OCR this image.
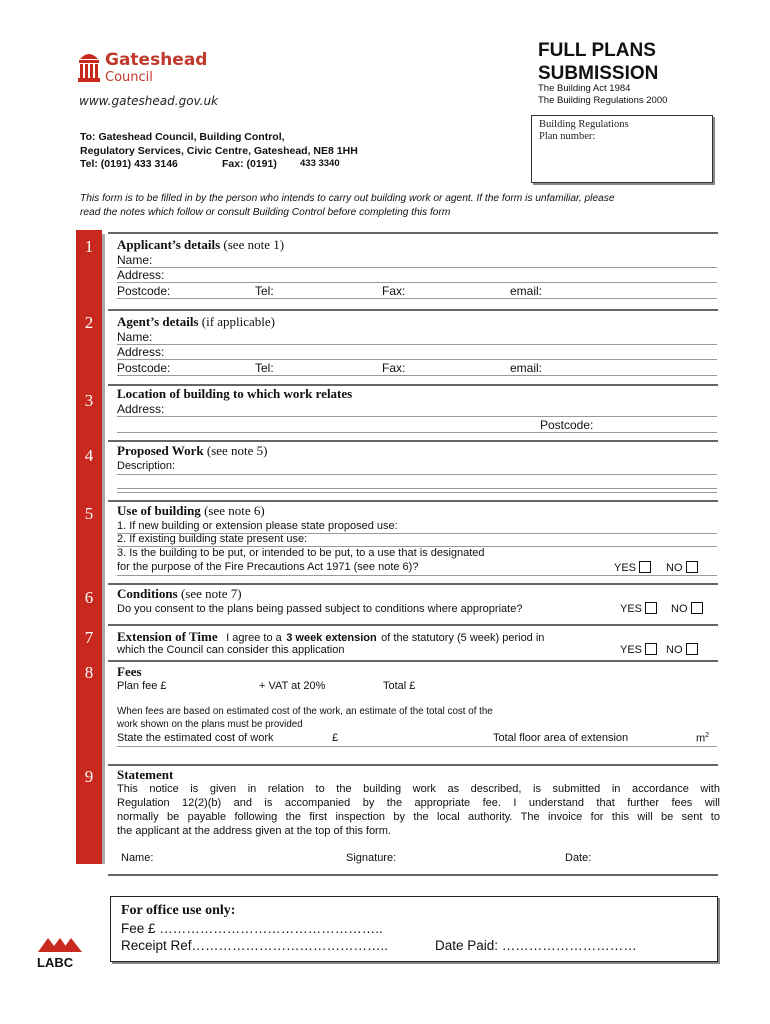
Gateshead
Council
www.gateshead.gov.uk
FULL PLANS
SUBMISSION
The Building Act 1984
The Building Regulations 2000
Building Regulations
Plan number:
To: Gateshead Council, Building Control,
Regulatory Services, Civic Centre, Gateshead, NE8 1HH
Tel: (0191) 433 3146	Fax: (0191) 433 3340
This form is to be filled in by the person who intends to carry out building work or agent. If the form is unfamiliar, please
read the notes which follow or consult Building Control before completing this form
1
2
3
4
5
6
7
8
9
Applicant’s details (see note 1)
Name:
Address:
Postcode:	Tel:	Fax:	email:
Agent’s details (if applicable)
Name:
Address:
Postcode:	Tel:	Fax:	email:
Location of building to which work relates
Address:
Postcode:
Proposed Work (see note 5)
Description:
Use of building (see note 6)
1. If new building or extension please state proposed use:
2. If existing building state present use:
3. Is the building to be put, or intended to be put, to a use that is designated
for the purpose of the Fire Precautions Act 1971 (see note 6)?	YES	NO
Conditions (see note 7)
Do you consent to the plans being passed subject to conditions where appropriate?	YES	NO
Extension of Time I agree to a 3 week extension of the statutory (5 week) period in
which the Council can consider this application	YES	NO
Fees
Plan fee £	+ VAT at 20%	Total £
When fees are based on estimated cost of the work, an estimate of the total cost of the
work shown on the plans must be provided
State the estimated cost of work	£	Total floor area of extension	$m^2$
Statement
This notice is given in relation to the building work as described, is submitted in accordance with
Regulation 12(2)(b) and is accompanied by the appropriate fee. I understand that further fees will
normally be payable following the first inspection by the local authority. The invoice for this will be sent to
the applicant at the address given at the top of this form.
Name:	Signature:	Date:
For office use only:
Fee £ …………………………………………..
Receipt Ref……………………………………..	Date Paid: …………………………
LABC
